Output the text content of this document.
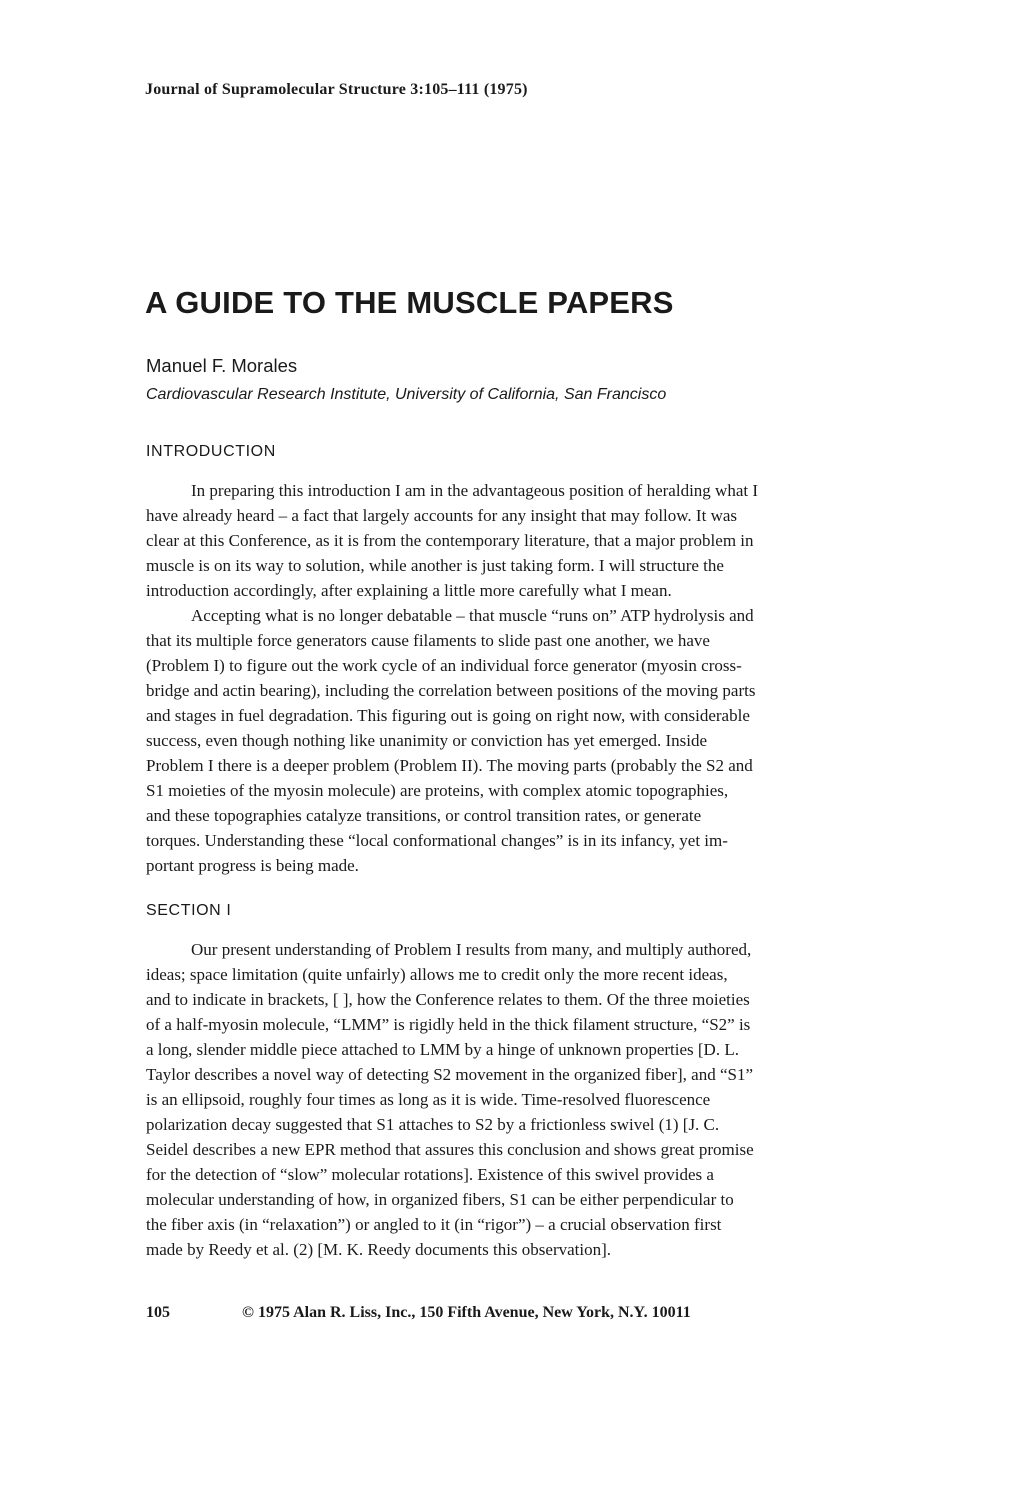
Journal of Supramolecular Structure 3:105–111 (1975)
A GUIDE TO THE MUSCLE PAPERS
Manuel F. Morales
Cardiovascular Research Institute, University of California, San Francisco
INTRODUCTION
In preparing this introduction I am in the advantageous position of heralding what I
have already heard – a fact that largely accounts for any insight that may follow. It was
clear at this Conference, as it is from the contemporary literature, that a major problem in
muscle is on its way to solution, while another is just taking form. I will structure the
introduction accordingly, after explaining a little more carefully what I mean.
Accepting what is no longer debatable – that muscle “runs on” ATP hydrolysis and
that its multiple force generators cause filaments to slide past one another, we have
(Problem I) to figure out the work cycle of an individual force generator (myosin cross-
bridge and actin bearing), including the correlation between positions of the moving parts
and stages in fuel degradation. This figuring out is going on right now, with considerable
success, even though nothing like unanimity or conviction has yet emerged. Inside
Problem I there is a deeper problem (Problem II). The moving parts (probably the S2 and
S1 moieties of the myosin molecule) are proteins, with complex atomic topographies,
and these topographies catalyze transitions, or control transition rates, or generate
torques. Understanding these “local conformational changes” is in its infancy, yet im-
portant progress is being made.
SECTION I
Our present understanding of Problem I results from many, and multiply authored,
ideas; space limitation (quite unfairly) allows me to credit only the more recent ideas,
and to indicate in brackets, [ ], how the Conference relates to them. Of the three moieties
of a half-myosin molecule, “LMM” is rigidly held in the thick filament structure, “S2” is
a long, slender middle piece attached to LMM by a hinge of unknown properties [D. L.
Taylor describes a novel way of detecting S2 movement in the organized fiber], and “S1”
is an ellipsoid, roughly four times as long as it is wide. Time-resolved fluorescence
polarization decay suggested that S1 attaches to S2 by a frictionless swivel (1) [J. C.
Seidel describes a new EPR method that assures this conclusion and shows great promise
for the detection of “slow” molecular rotations]. Existence of this swivel provides a
molecular understanding of how, in organized fibers, S1 can be either perpendicular to
the fiber axis (in “relaxation”) or angled to it (in “rigor”) – a crucial observation first
made by Reedy et al. (2) [M. K. Reedy documents this observation].
105	© 1975 Alan R. Liss, Inc., 150 Fifth Avenue, New York, N.Y. 10011
